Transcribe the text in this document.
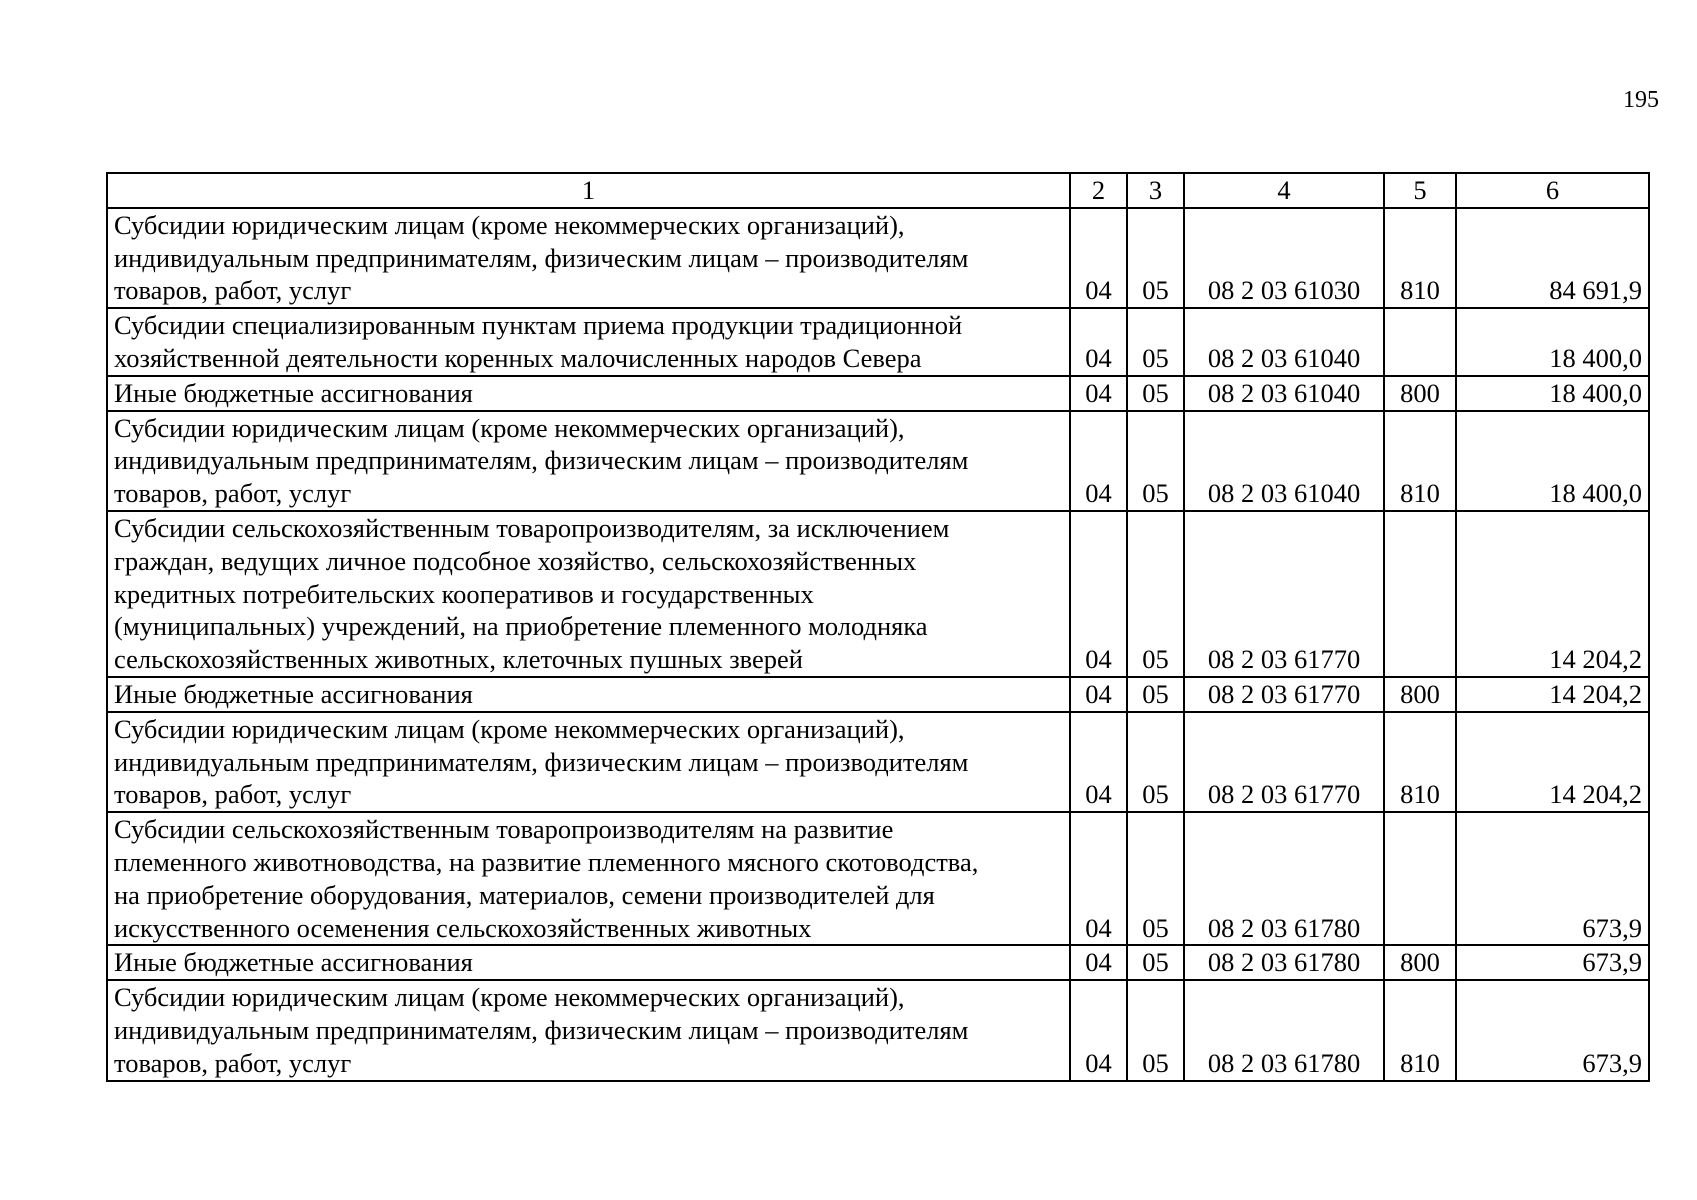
195
1	2	3	4	5	6
Субсидии юридическим лицам (кроме некоммерческих организаций),
индивидуальным предпринимателям, физическим лицам – производителям
товаров, работ, услуг	04	05	08 2 03 61030	810	84 691,9
Субсидии специализированным пунктам приема продукции традиционной
хозяйственной деятельности коренных малочисленных народов Севера	04	05	08 2 03 61040		18 400,0
Иные бюджетные ассигнования	04	05	08 2 03 61040	800	18 400,0
Субсидии юридическим лицам (кроме некоммерческих организаций),
индивидуальным предпринимателям, физическим лицам – производителям
товаров, работ, услуг	04	05	08 2 03 61040	810	18 400,0
Субсидии сельскохозяйственным товаропроизводителям, за исключением
граждан, ведущих личное подсобное хозяйство, сельскохозяйственных
кредитных потребительских кооперативов и государственных
(муниципальных) учреждений, на приобретение племенного молодняка
сельскохозяйственных животных, клеточных пушных зверей	04	05	08 2 03 61770		14 204,2
Иные бюджетные ассигнования	04	05	08 2 03 61770	800	14 204,2
Субсидии юридическим лицам (кроме некоммерческих организаций),
индивидуальным предпринимателям, физическим лицам – производителям
товаров, работ, услуг	04	05	08 2 03 61770	810	14 204,2
Субсидии сельскохозяйственным товаропроизводителям на развитие
племенного животноводства, на развитие племенного мясного скотоводства,
на приобретение оборудования, материалов, семени производителей для
искусственного осеменения сельскохозяйственных животных	04	05	08 2 03 61780		673,9
Иные бюджетные ассигнования	04	05	08 2 03 61780	800	673,9
Субсидии юридическим лицам (кроме некоммерческих организаций),
индивидуальным предпринимателям, физическим лицам – производителям
товаров, работ, услуг	04	05	08 2 03 61780	810	673,9
